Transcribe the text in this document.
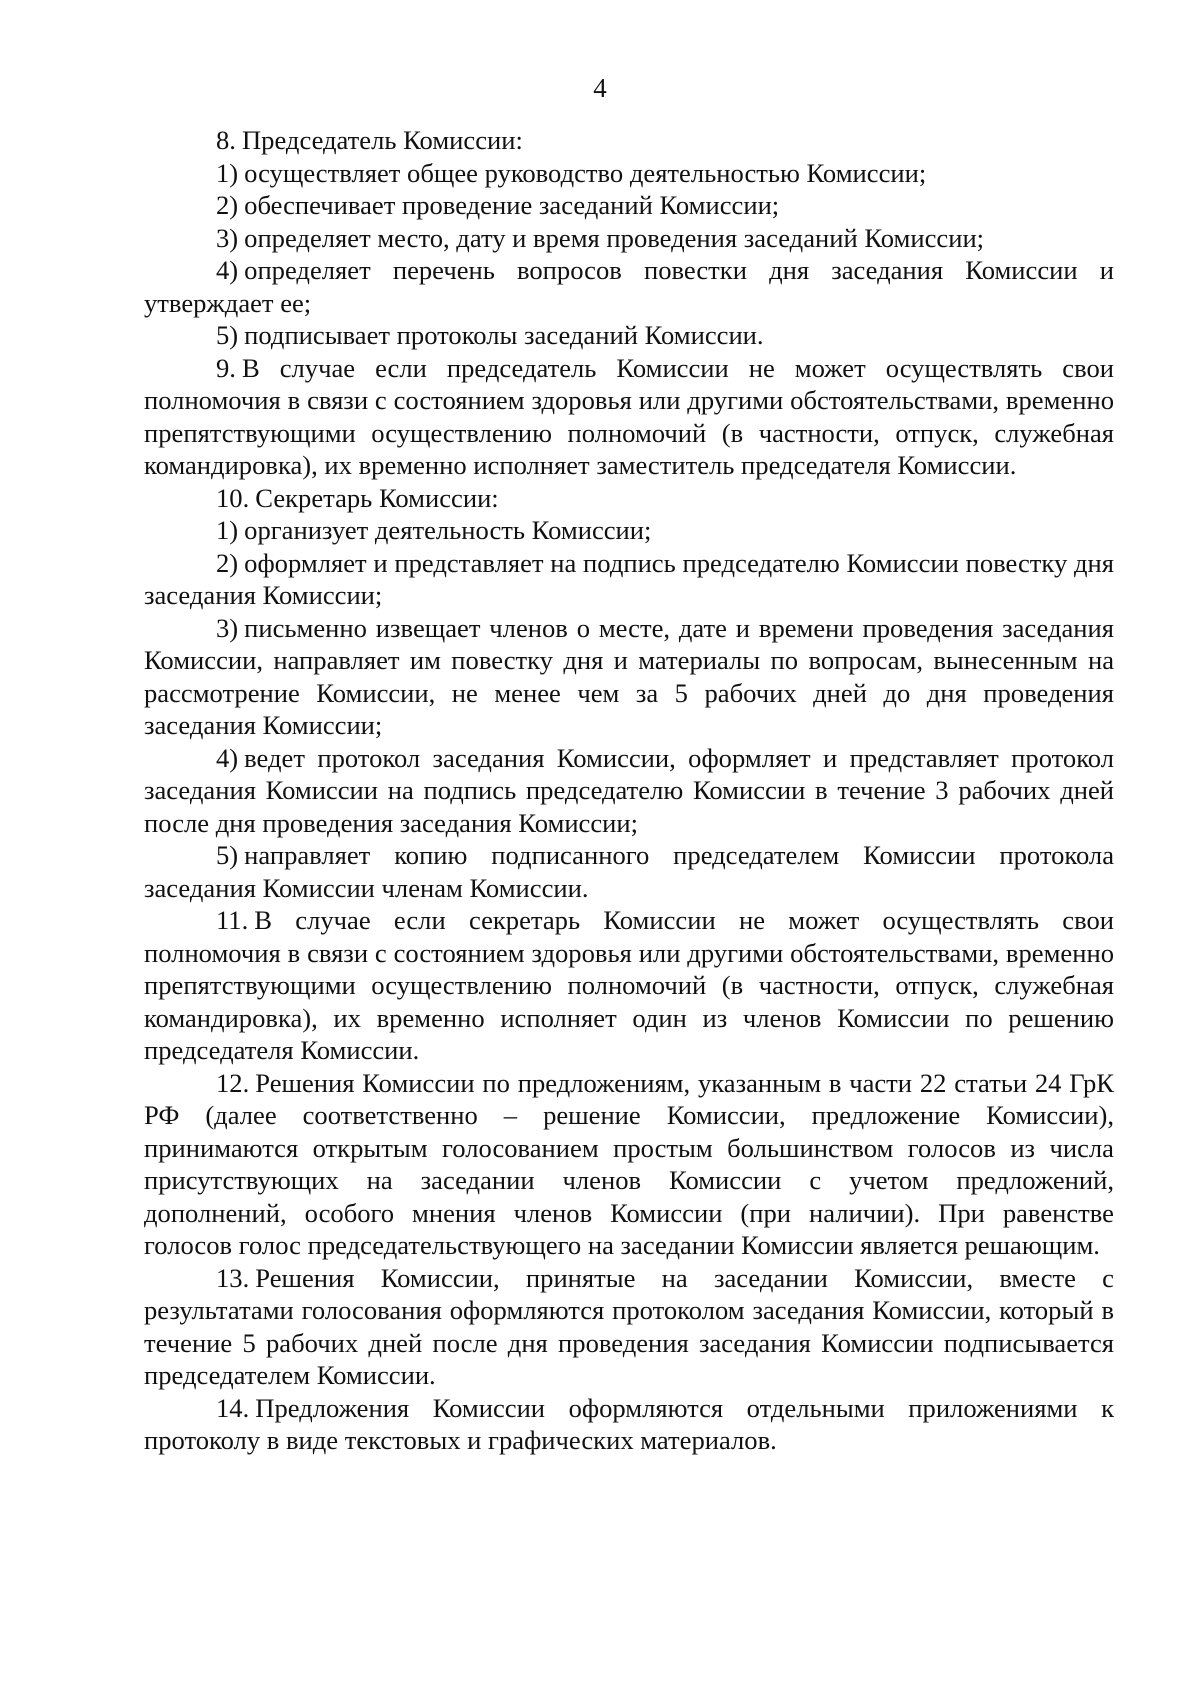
4

8. Председатель Комиссии:

1) осуществляет общее руководство деятельностью Комиссии;

2) обеспечивает проведение заседаний Комиссии;

3) определяет место, дату и время проведения заседаний Комиссии;

4) определяет перечень вопросов повестки дня заседания Комиссии и утверждает ее;

5) подписывает протоколы заседаний Комиссии.

9. В случае если председатель Комиссии не может осуществлять свои полномочия в связи с состоянием здоровья или другими обстоятельствами, временно препятствующими осуществлению полномочий (в частности, отпуск, служебная командировка), их временно исполняет заместитель председателя Комиссии.

10. Секретарь Комиссии:

1) организует деятельность Комиссии;

2) оформляет и представляет на подпись председателю Комиссии повестку дня заседания Комиссии;

3) письменно извещает членов о месте, дате и времени проведения заседания Комиссии, направляет им повестку дня и материалы по вопросам, вынесенным на рассмотрение Комиссии, не менее чем за 5 рабочих дней до дня проведения заседания Комиссии;

4) ведет протокол заседания Комиссии, оформляет и представляет протокол заседания Комиссии на подпись председателю Комиссии в течение 3 рабочих дней после дня проведения заседания Комиссии;

5) направляет копию подписанного председателем Комиссии протокола заседания Комиссии членам Комиссии.

11. В случае если секретарь Комиссии не может осуществлять свои полномочия в связи с состоянием здоровья или другими обстоятельствами, временно препятствующими осуществлению полномочий (в частности, отпуск, служебная командировка), их временно исполняет один из членов Комиссии по решению председателя Комиссии.

12. Решения Комиссии по предложениям, указанным в части 22 статьи 24 ГрК РФ (далее соответственно – решение Комиссии, предложение Комиссии), принимаются открытым голосованием простым большинством голосов из числа присутствующих на заседании членов Комиссии с учетом предложений, дополнений, особого мнения членов Комиссии (при наличии). При равенстве голосов голос председательствующего на заседании Комиссии является решающим.

13. Решения Комиссии, принятые на заседании Комиссии, вместе с результатами голосования оформляются протоколом заседания Комиссии, который в течение 5 рабочих дней после дня проведения заседания Комиссии подписывается председателем Комиссии.

14. Предложения Комиссии оформляются отдельными приложениями к протоколу в виде текстовых и графических материалов.
